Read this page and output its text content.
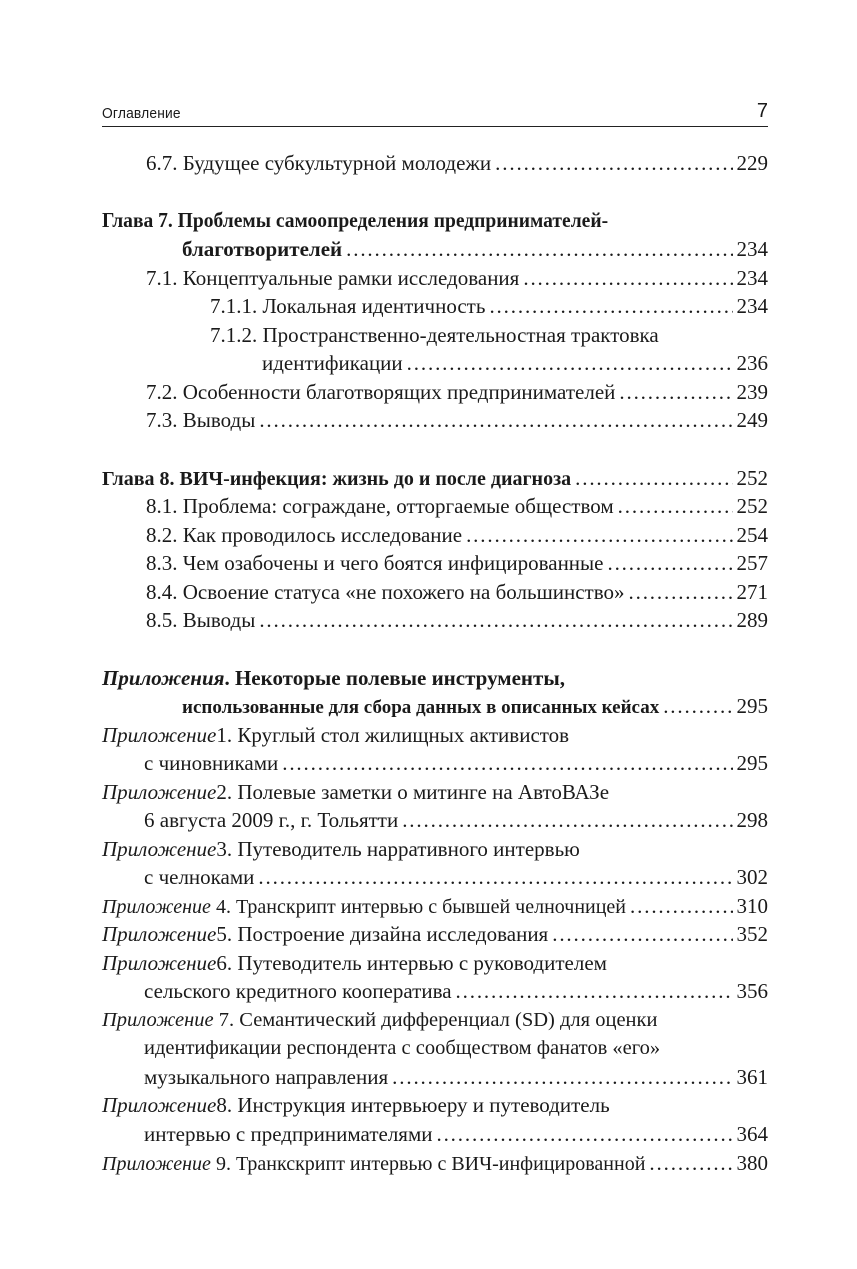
Оглавление	7
6.7. Будущее субкультурной молодежи . . .	229
Глава 7. Проблемы самоопределения предпринимателей-
благотворителей . . .	234
7.1. Концептуальные рамки исследования . . .	234
7.1.1. Локальная идентичность . . .	234
7.1.2. Пространственно-деятельностная трактовка
идентификации . . .	236
7.2. Особенности благотворящих предпринимателей . . .	239
7.3. Выводы . . .	249
Глава 8. ВИЧ-инфекция: жизнь до и после диагноза . . .	252
8.1. Проблема: сограждане, отторгаемые обществом . . .	252
8.2. Как проводилось исследование . . .	254
8.3. Чем озабочены и чего боятся инфицированные . . .	257
8.4. Освоение статуса «не похожего на большинство» . . .	271
8.5. Выводы . . .	289
Приложения . Некоторые полевые инструменты,
использованные для сбора данных в описанных кейсах . . .	295
Приложение 1. Круглый стол жилищных активистов
с чиновниками . . .	295
Приложение 2. Полевые заметки о митинге на АвтоВАЗе
6 августа 2009 г., г. Тольятти . . .	298
Приложение 3. Путеводитель нарративного интервью
с челноками . . .	302
Приложение 4. Транскрипт интервью с бывшей челночницей . . .	310
Приложение 5. Построение дизайна исследования . . .	352
Приложение 6. Путеводитель интервью с руководителем
сельского кредитного кооператива . . .	356
Приложение 7. Семантический дифференциал (SD) для оценки
идентификации респондента с сообществом фанатов «его»
музыкального направления . . .	361
Приложение 8. Инструкция интервьюеру и путеводитель
интервью с предпринимателями . . .	364
Приложение 9. Транкскрипт интервью с ВИЧ-инфицированной . . .	380
